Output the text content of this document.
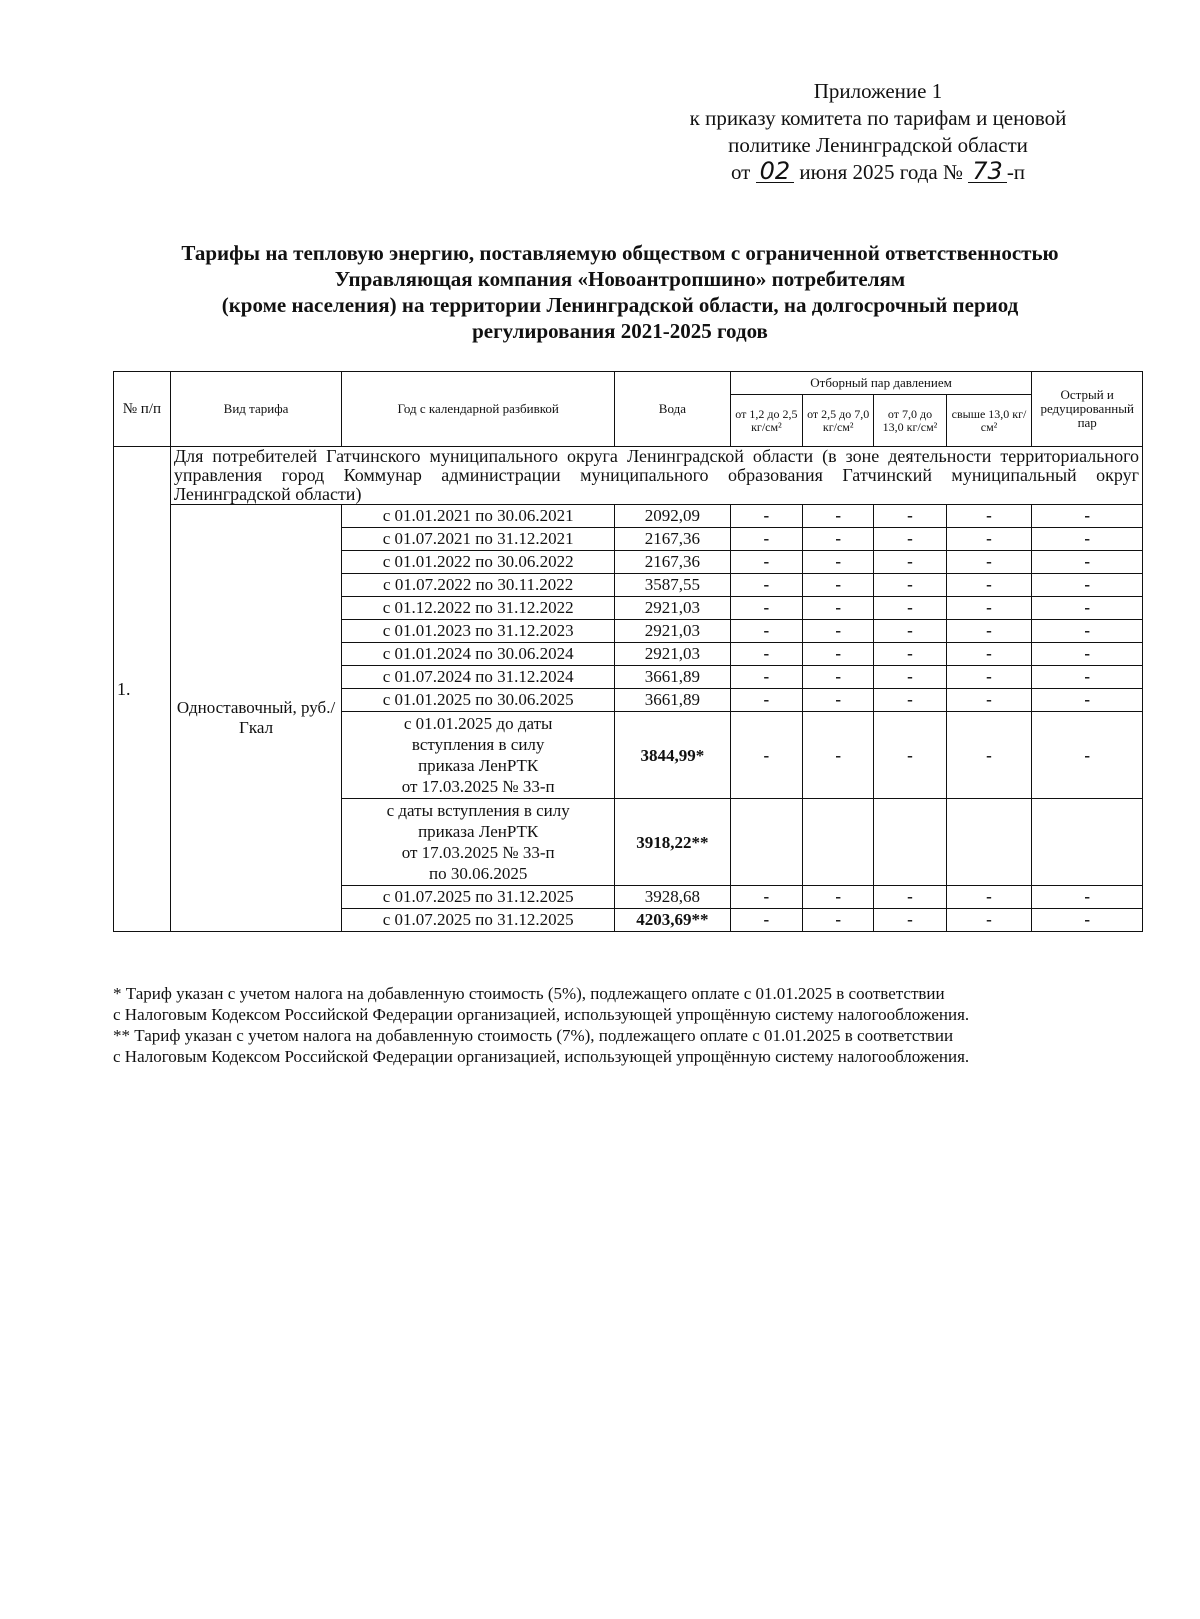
Приложение 1
к приказу комитета по тарифам и ценовой
политике Ленинградской области
от 02 июня 2025 года № 73 -п
Тарифы на тепловую энергию, поставляемую обществом с ограниченной ответственностью
Управляющая компания «Новоантропшино» потребителям
(кроме населения) на территории Ленинградской области, на долгосрочный период
регулирования 2021-2025 годов
№ п/п	Вид тарифа	Год с календарной разбивкой	Вода	Отборный пар давлением				Острый и редуцированный пар
				от 1,2 до 2,5 кг/см²	от 2,5 до 7,0 кг/см²	от 7,0 до 13,0 кг/см²	свыше 13,0 кг/см²	
1.	Для потребителей Гатчинского муниципального округа Ленинградской области (в зоне деятельности территориального управления город Коммунар администрации муниципального образования Гатчинский муниципальный округ Ленинградской области)							
	Одноставочный, руб./Гкал	с 01.01.2021 по 30.06.2021	2092,09	-	-	-	-	-
		с 01.07.2021 по 31.12.2021	2167,36	-	-	-	-	-
		с 01.01.2022 по 30.06.2022	2167,36	-	-	-	-	-
		с 01.07.2022 по 30.11.2022	3587,55	-	-	-	-	-
		с 01.12.2022 по 31.12.2022	2921,03	-	-	-	-	-
		с 01.01.2023 по 31.12.2023	2921,03	-	-	-	-	-
		с 01.01.2024 по 30.06.2024	2921,03	-	-	-	-	-
		с 01.07.2024 по 31.12.2024	3661,89	-	-	-	-	-
		с 01.01.2025 по 30.06.2025	3661,89	-	-	-	-	-

		с 01.01.2025 до даты
вступления в силу
приказа ЛенРТК
от 17.03.2025 № 33-п	3844,99*	-	-	-	-	-

		с даты вступления в силу
приказа ЛенРТК
от 17.03.2025 № 33-п
по 30.06.2025	3918,22**					
		с 01.07.2025 по 31.12.2025	3928,68	-	-	-	-	-
		с 01.07.2025 по 31.12.2025	4203,69**	-	-	-	-	-

* Тариф указан с учетом налога на добавленную стоимость (5%), подлежащего оплате с 01.01.2025 в соответствии

с Налоговым Кодексом Российской Федерации организацией, использующей упрощённую систему налогообложения.

** Тариф указан с учетом налога на добавленную стоимость (7%), подлежащего оплате с 01.01.2025 в соответствии

с Налоговым Кодексом Российской Федерации организацией, использующей упрощённую систему налогообложения.
